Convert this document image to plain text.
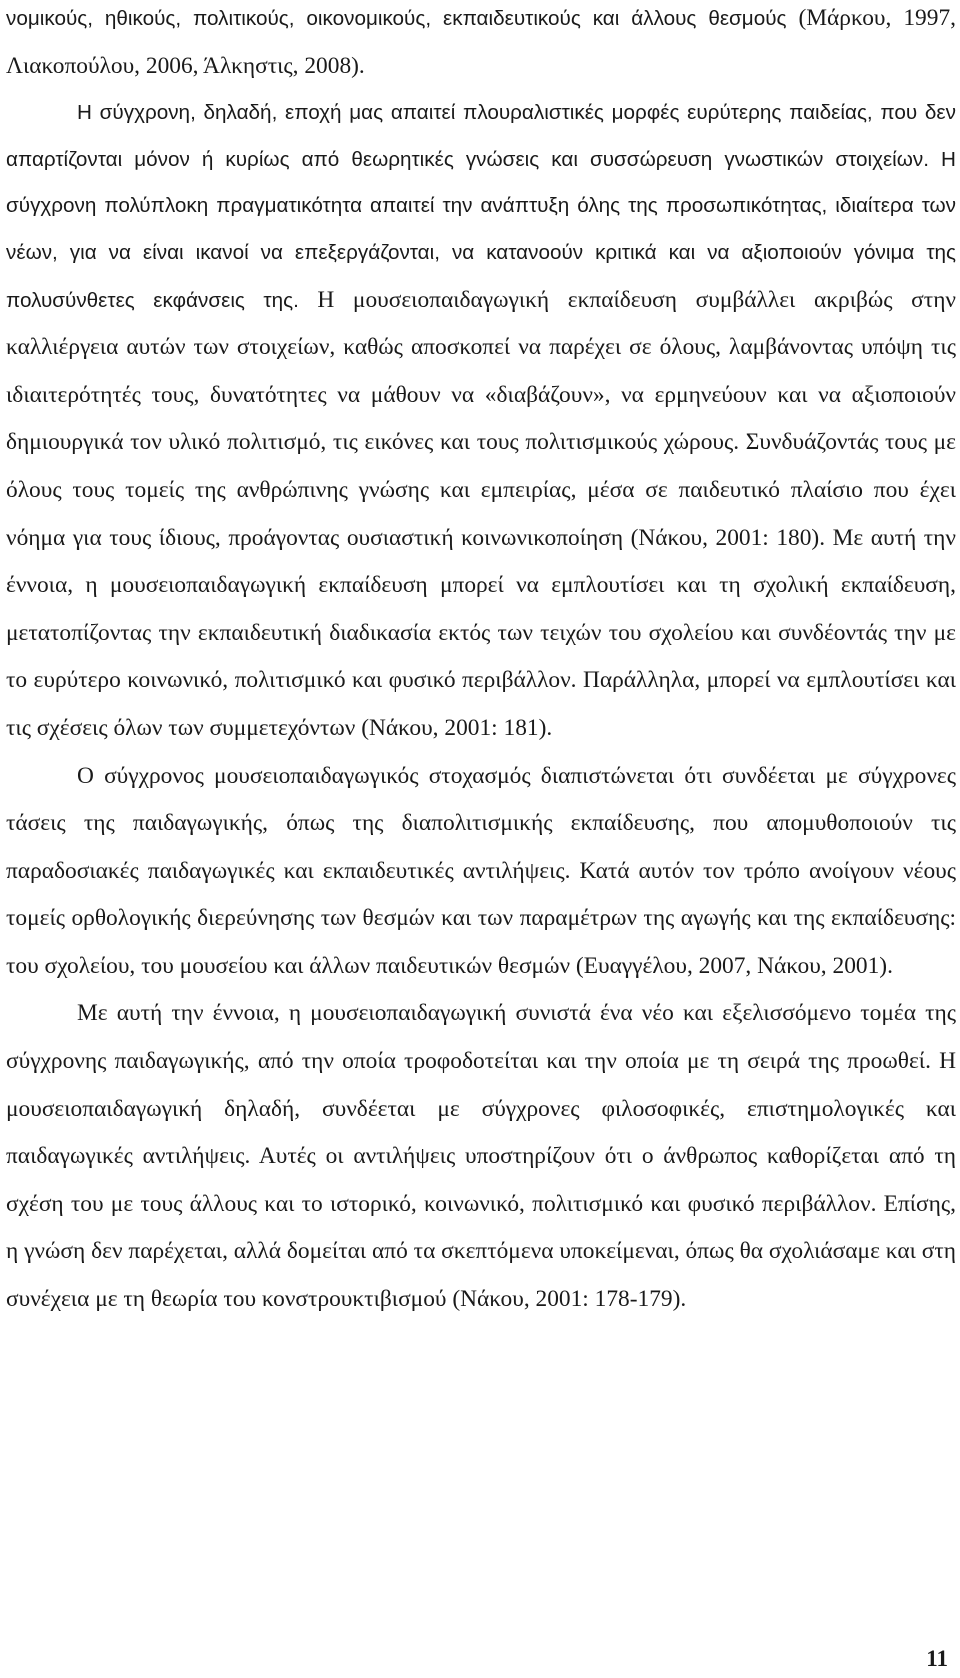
νομικούς, ηθικούς, πολιτικούς, οικονομικούς, εκπαιδευτικούς και άλλους θεσμούς (Μάρκου, 1997, Λιακοπούλου, 2006, Άλκηστις, 2008).

Η σύγχρονη, δηλαδή, εποχή μας απαιτεί πλουραλιστικές μορφές ευρύτερης παιδείας, που δεν απαρτίζονται μόνον ή κυρίως από θεωρητικές γνώσεις και συσσώρευση γνωστικών στοιχείων. Η σύγχρονη πολύπλοκη πραγματικότητα απαιτεί την ανάπτυξη όλης της προσωπικότητας, ιδιαίτερα των νέων, για να είναι ικανοί να επεξεργάζονται, να κατανοούν κριτικά και να αξιοποιούν γόνιμα της πολυσύνθετες εκφάνσεις της. Η μουσειοπαιδαγωγική εκπαίδευση συμβάλλει ακριβώς στην καλλιέργεια αυτών των στοιχείων, καθώς αποσκοπεί να παρέχει σε όλους, λαμβάνοντας υπόψη τις ιδιαιτερότητές τους, δυνατότητες να μάθουν να «διαβάζουν», να ερμηνεύουν και να αξιοποιούν δημιουργικά τον υλικό πολιτισμό, τις εικόνες και τους πολιτισμικούς χώρους. Συνδυάζοντάς τους με όλους τους τομείς της ανθρώπινης γνώσης και εμπειρίας, μέσα σε παιδευτικό πλαίσιο που έχει νόημα για τους ίδιους, προάγοντας ουσιαστική κοινωνικοποίηση (Νάκου, 2001: 180). Με αυτή την έννοια, η μουσειοπαιδαγωγική εκπαίδευση μπορεί να εμπλουτίσει και τη σχολική εκπαίδευση, μετατοπίζοντας την εκπαιδευτική διαδικασία εκτός των τειχών του σχολείου και συνδέοντάς την με το ευρύτερο κοινωνικό, πολιτισμικό και φυσικό περιβάλλον. Παράλληλα, μπορεί να εμπλουτίσει και τις σχέσεις όλων των συμμετεχόντων (Νάκου, 2001: 181).

Ο σύγχρονος μουσειοπαιδαγωγικός στοχασμός διαπιστώνεται ότι συνδέεται με σύγχρονες τάσεις της παιδαγωγικής, όπως της διαπολιτισμικής εκπαίδευσης, που απομυθοποιούν τις παραδοσιακές παιδαγωγικές και εκπαιδευτικές αντιλήψεις. Κατά αυτόν τον τρόπο ανοίγουν νέους τομείς ορθολογικής διερεύνησης των θεσμών και των παραμέτρων της αγωγής και της εκπαίδευσης: του σχολείου, του μουσείου και άλλων παιδευτικών θεσμών (Ευαγγέλου, 2007, Νάκου, 2001).

Με αυτή την έννοια, η μουσειοπαιδαγωγική συνιστά ένα νέο και εξελισσόμενο τομέα της σύγχρονης παιδαγωγικής, από την οποία τροφοδοτείται και την οποία με τη σειρά της προωθεί. Η μουσειοπαιδαγωγική δηλαδή, συνδέεται με σύγχρονες φιλοσοφικές, επιστημολογικές και παιδαγωγικές αντιλήψεις. Αυτές οι αντιλήψεις υποστηρίζουν ότι ο άνθρωπος καθορίζεται από τη σχέση του με τους άλλους και το ιστορικό, κοινωνικό, πολιτισμικό και φυσικό περιβάλλον. Επίσης, η γνώση δεν παρέχεται, αλλά δομείται από τα σκεπτόμενα υποκείμεναι, όπως θα σχολιάσαμε και στη συνέχεια με τη θεωρία του κονστρουκτιβισμού (Νάκου, 2001: 178-179).

11
